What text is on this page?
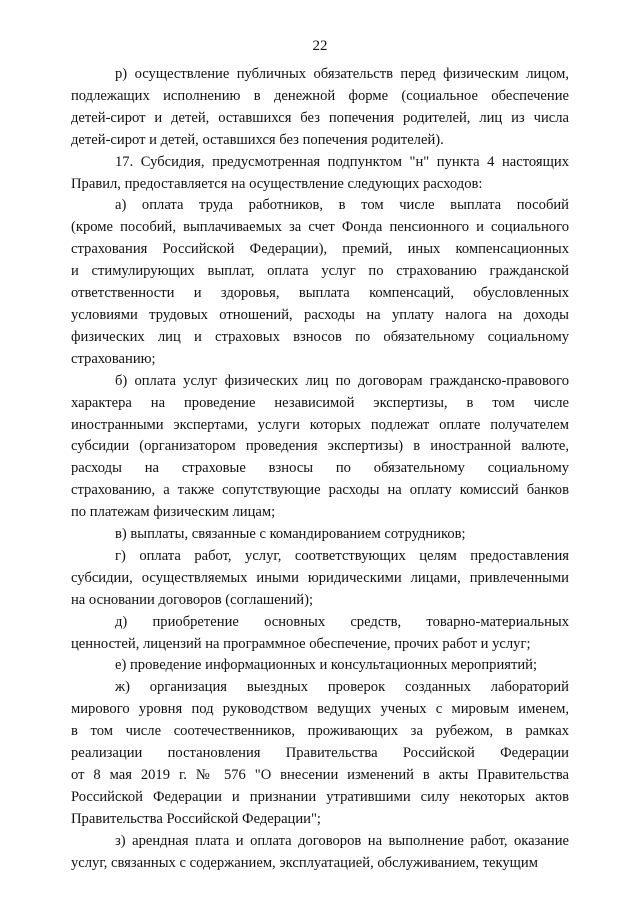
22
р) осуществление публичных обязательств перед физическим лицом,
подлежащих исполнению в денежной форме (социальное обеспечение
детей-сирот и детей, оставшихся без попечения родителей, лиц из числа
детей-сирот и детей, оставшихся без попечения родителей).
17. Субсидия, предусмотренная подпунктом "н" пункта 4 настоящих
Правил, предоставляется на осуществление следующих расходов:
а) оплата труда работников, в том числе выплата пособий
(кроме пособий, выплачиваемых за счет Фонда пенсионного и социального
страхования Российской Федерации), премий, иных компенсационных
и стимулирующих выплат, оплата услуг по страхованию гражданской
ответственности и здоровья, выплата компенсаций, обусловленных
условиями трудовых отношений, расходы на уплату налога на доходы
физических лиц и страховых взносов по обязательному социальному
страхованию;
б) оплата услуг физических лиц по договорам гражданско-правового
характера на проведение независимой экспертизы, в том числе
иностранными экспертами, услуги которых подлежат оплате получателем
субсидии (организатором проведения экспертизы) в иностранной валюте,
расходы на страховые взносы по обязательному социальному
страхованию, а также сопутствующие расходы на оплату комиссий банков
по платежам физическим лицам;
в) выплаты, связанные с командированием сотрудников;
г) оплата работ, услуг, соответствующих целям предоставления
субсидии, осуществляемых иными юридическими лицами, привлеченными
на основании договоров (соглашений);
д) приобретение основных средств, товарно-материальных
ценностей, лицензий на программное обеспечение, прочих работ и услуг;
е) проведение информационных и консультационных мероприятий;
ж) организация выездных проверок созданных лабораторий
мирового уровня под руководством ведущих ученых с мировым именем,
в том числе соотечественников, проживающих за рубежом, в рамках
реализации постановления Правительства Российской Федерации
от 8 мая 2019 г. № 576 "О внесении изменений в акты Правительства
Российской Федерации и признании утратившими силу некоторых актов
Правительства Российской Федерации";
з) арендная плата и оплата договоров на выполнение работ, оказание
услуг, связанных с содержанием, эксплуатацией, обслуживанием, текущим
